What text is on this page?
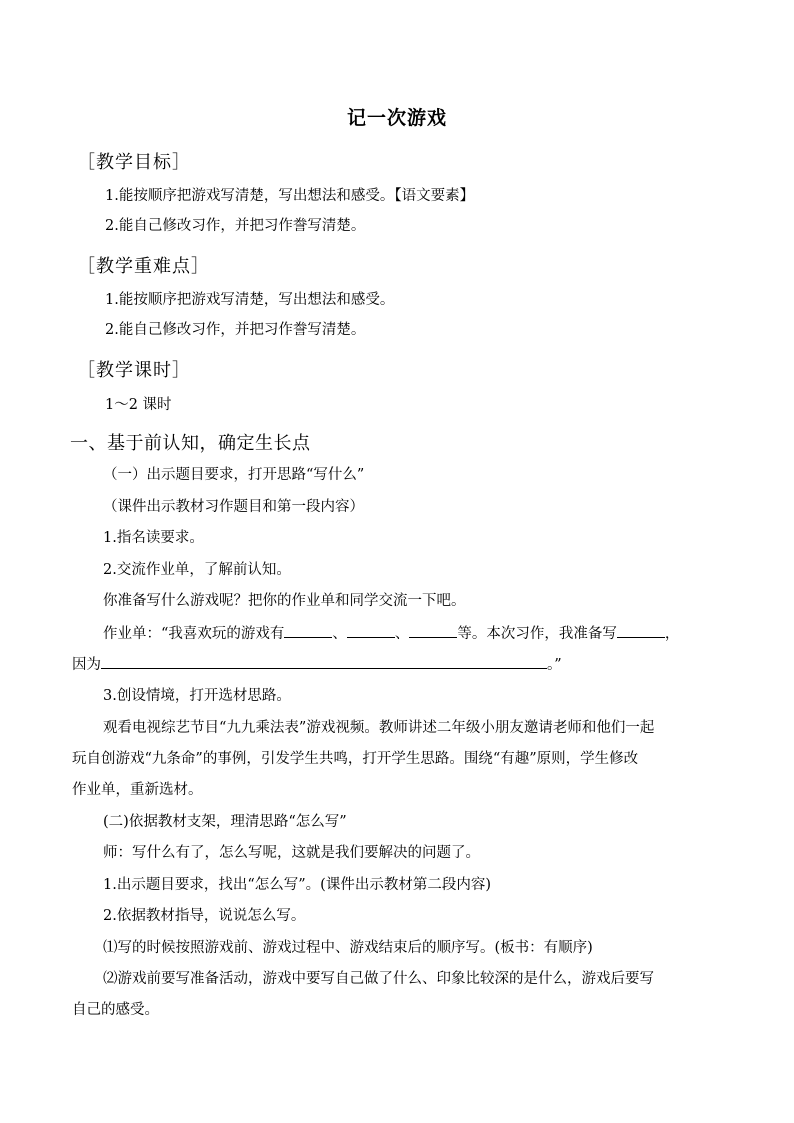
记一次游戏
［教学目标］
1.能按顺序把游戏写清楚，写出想法和感受。【语文要素】
2.能自己修改习作，并把习作誊写清楚。
［教学重难点］
1.能按顺序把游戏写清楚，写出想法和感受。
2.能自己修改习作，并把习作誊写清楚。
［教学课时］
1～2 课时
一、基于前认知，确定生长点
（一）出示题目要求，打开思路“写什么”
（课件出示教材习作题目和第一段内容）
1.指名读要求。
2.交流作业单，了解前认知。
你准备写什么游戏呢？把你的作业单和同学交流一下吧。
作业单：“我喜欢玩的游戏有	、	、	等。本次习作，我准备写	，
因为	。”
3.创设情境，打开选材思路。
观看电视综艺节目“九九乘法表”游戏视频。教师讲述二年级小朋友邀请老师和他们一起
玩自创游戏“九条命”的事例，引发学生共鸣，打开学生思路。围绕“有趣”原则，学生修改
作业单，重新选材。
(二)依据教材支架，理清思路“怎么写”
师：写什么有了，怎么写呢，这就是我们要解决的问题了。
1.出示题目要求，找出“怎么写”。(课件出示教材第二段内容)
2.依据教材指导，说说怎么写。
⑴写的时候按照游戏前、游戏过程中、游戏结束后的顺序写。(板书：有顺序)
⑵游戏前要写准备活动，游戏中要写自己做了什么、印象比较深的是什么，游戏后要写
自己的感受。
